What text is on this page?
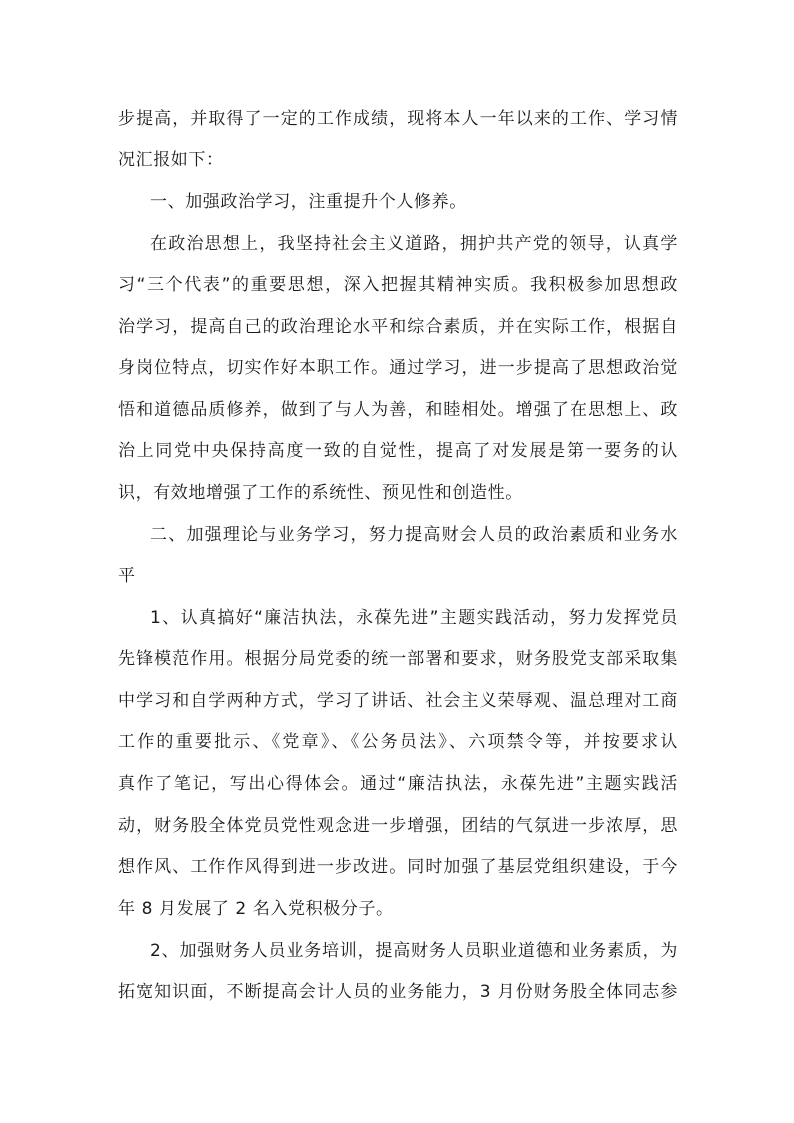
步提高，并取得了一定的工作成绩，现将本人一年以来的工作、学习情
况汇报如下：
一、加强政治学习，注重提升个人修养。
在政治思想上，我坚持社会主义道路，拥护共产党的领导，认真学
习“三个代表”的重要思想，深入把握其精神实质。我积极参加思想政
治学习，提高自己的政治理论水平和综合素质，并在实际工作，根据自
身岗位特点，切实作好本职工作。通过学习，进一步提高了思想政治觉
悟和道德品质修养，做到了与人为善，和睦相处。增强了在思想上、政
治上同党中央保持高度一致的自觉性，提高了对发展是第一要务的认
识，有效地增强了工作的系统性、预见性和创造性。
二、加强理论与业务学习，努力提高财会人员的政治素质和业务水
平
1、认真搞好“廉洁执法，永葆先进”主题实践活动，努力发挥党员
先锋模范作用。根据分局党委的统一部署和要求，财务股党支部采取集
中学习和自学两种方式，学习了讲话、社会主义荣辱观、温总理对工商
工作的重要批示、《党章》、《公务员法》、六项禁令等，并按要求认
真作了笔记，写出心得体会。通过“廉洁执法，永葆先进”主题实践活
动，财务股全体党员党性观念进一步增强，团结的气氛进一步浓厚，思
想作风、工作作风得到进一步改进。同时加强了基层党组织建设，于今
年 8 月发展了 2 名入党积极分子。
2、加强财务人员业务培训，提高财务人员职业道德和业务素质，为
拓宽知识面，不断提高会计人员的业务能力，3 月份财务股全体同志参
